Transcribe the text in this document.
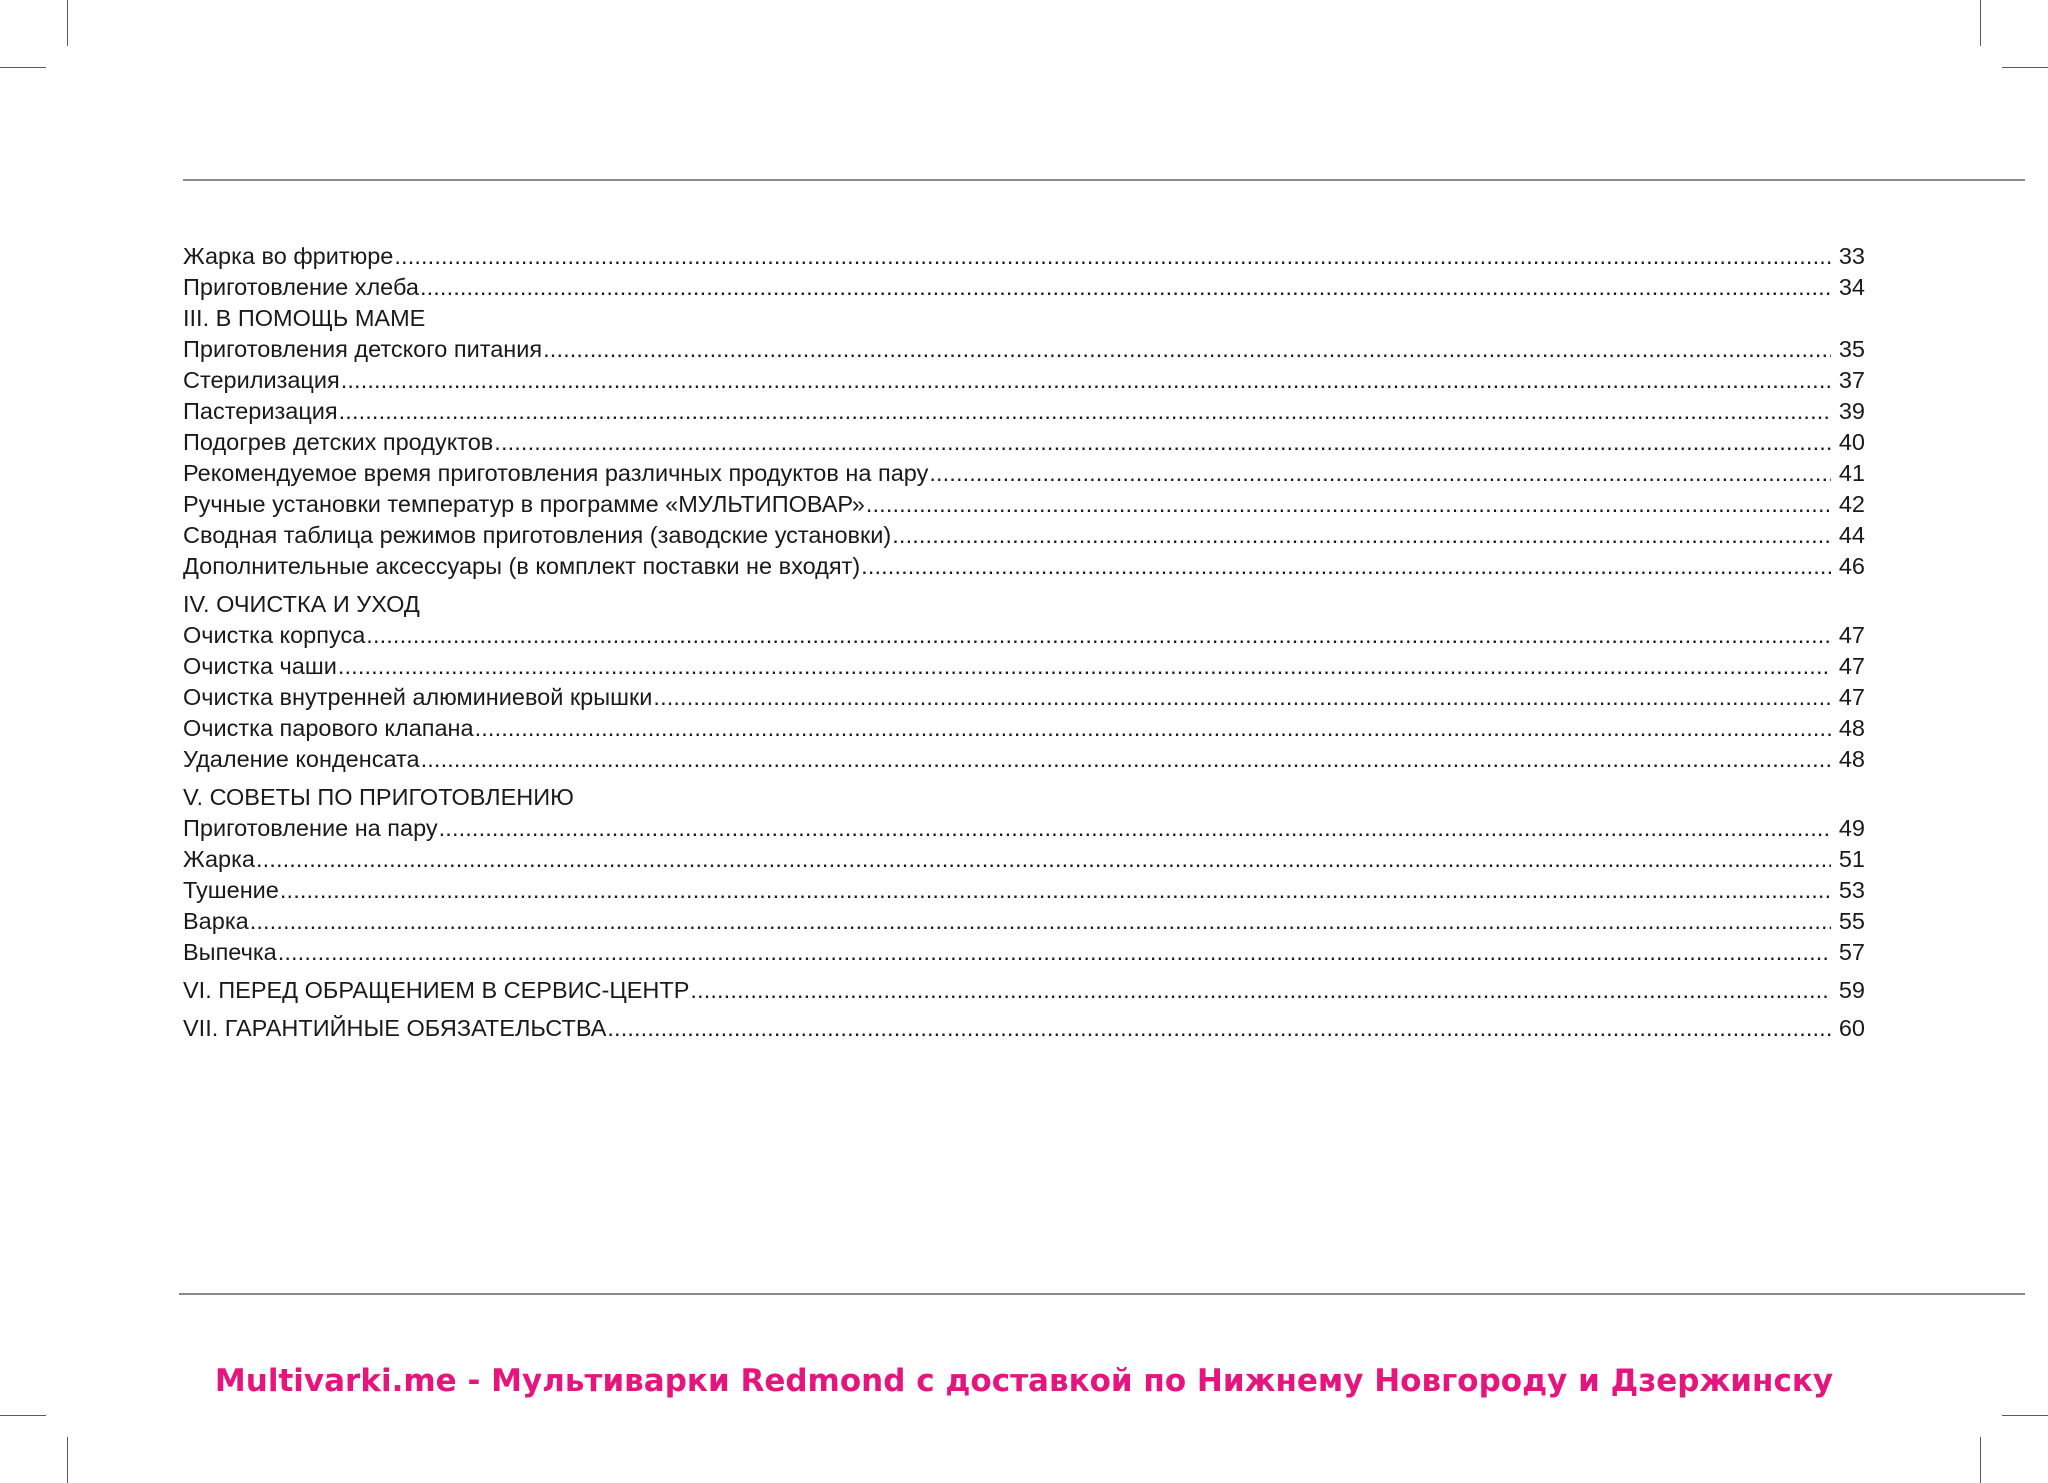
Жарка во фритюре . . .	33
Приготовление хлеба . . .	34
III. В ПОМОЩЬ МАМЕ
Приготовления детского питания . . .	35
Стерилизация . . .	37
Пастеризация . . .	39
Подогрев детских продуктов . . .	40
Рекомендуемое время приготовления различных продуктов на пару . . .	41
Ручные установки температур в программе «МУЛЬТИПОВАР» . . .	42
Сводная таблица режимов приготовления (заводские установки) . . .	44
Дополнительные аксессуары (в комплект поставки не входят) . . .	46
IV. ОЧИСТКА И УХОД
Очистка корпуса . . .	47
Очистка чаши . . .	47
Очистка внутренней алюминиевой крышки . . .	47
Очистка парового клапана . . .	48
Удаление конденсата . . .	48
V. СОВЕТЫ ПО ПРИГОТОВЛЕНИЮ
Приготовление на пару . . .	49
Жарка . . .	51
Тушение . . .	53
Варка . . .	55
Выпечка . . .	57
VI. ПЕРЕД ОБРАЩЕНИЕМ В СЕРВИС-ЦЕНТР . . .	59
VII. ГАРАНТИЙНЫЕ ОБЯЗАТЕЛЬСТВА . . .	60
Multivarki.me - Мультиварки Redmond с доставкой по Нижнему Новгороду и Дзержинску
